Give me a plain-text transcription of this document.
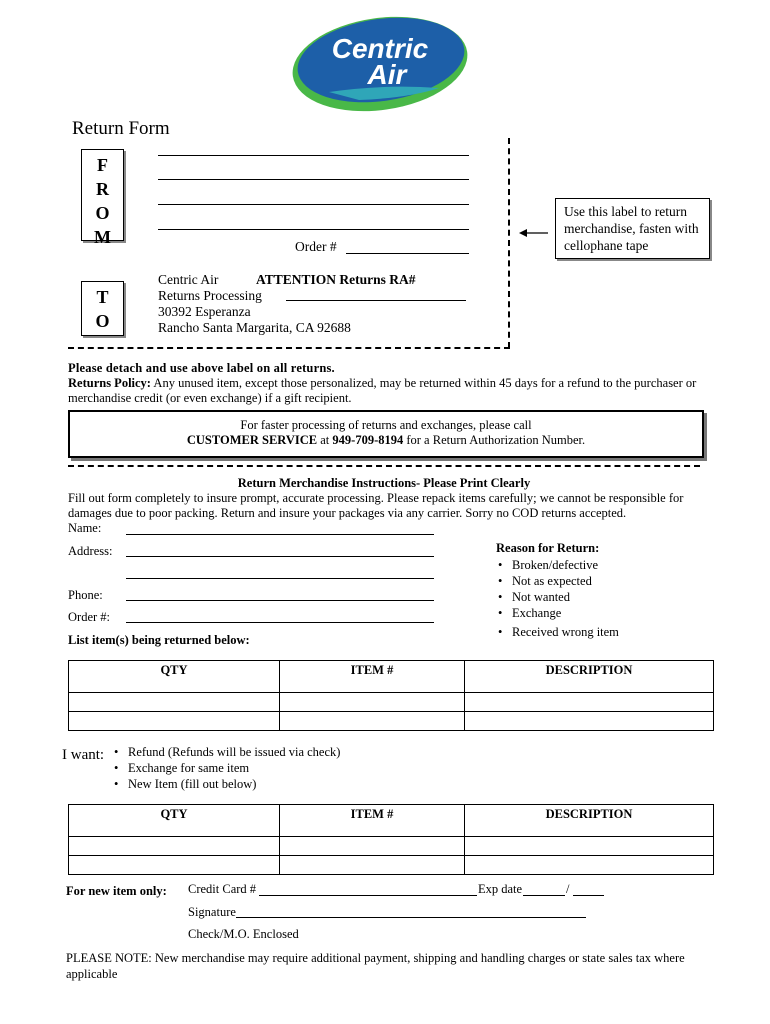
Centric
Air
Return Form
F
R
O
M	Order #
T
O
Centric Air	ATTENTION Returns RA#
Returns Processing
30392 Esperanza
Rancho Santa Margarita, CA 92688
Use this label to return merchandise, fasten with cellophane tape
Please detach and use above label on all returns.
Returns Policy: Any unused item, except those personalized, may be returned within 45 days for a refund to the purchaser or merchandise credit (or even exchange) if a gift recipient.
For faster processing of returns and exchanges, please call
CUSTOMER SERVICE at 949-709-8194 for a Return Authorization Number.
Return Merchandise Instructions- Please Print Clearly
Fill out form completely to insure prompt, accurate processing. Please repack items carefully; we cannot be responsible for damages due to poor packing. Return and insure your packages via any carrier. Sorry no COD returns accepted.
Name:
Address:
Phone:
Order #:
Reason for Return:
• Broken/defective
• Not as expected
• Not wanted
• Exchange
• Received wrong item
List item(s) being returned below:
QTY	ITEM #	DESCRIPTION

I want:	• Refund (Refunds will be issued via check)
• Exchange for same item
• New Item (fill out below)
QTY	ITEM #	DESCRIPTION

For new item only: Credit Card #	Exp date	/
Signature
Check/M.O. Enclosed
PLEASE NOTE: New merchandise may require additional payment, shipping and handling charges or state sales tax where applicable
